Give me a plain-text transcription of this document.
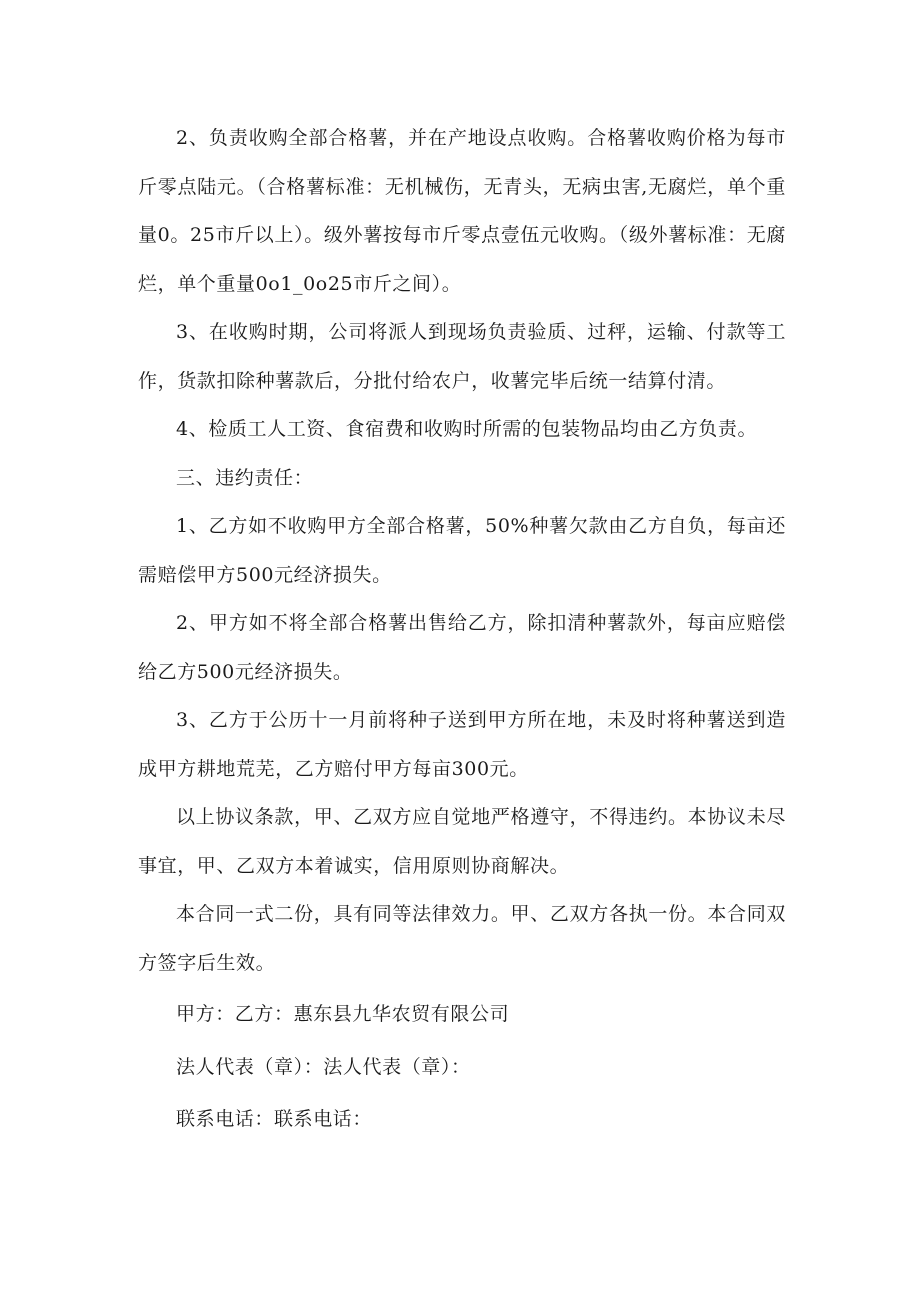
2、负责收购全部合格薯，并在产地设点收购。合格薯收购价格为每市斤零点陆元。（合格薯标准：无机械伤，无青头，无病虫害,无腐烂，单个重量0。25市斤以上）。级外薯按每市斤零点壹伍元收购。（级外薯标准：无腐烂，单个重量0o1_0o25市斤之间）。

3、在收购时期，公司将派人到现场负责验质、过秤，运输、付款等工作，货款扣除种薯款后，分批付给农户，收薯完毕后统一结算付清。

4、检质工人工资、食宿费和收购时所需的包装物品均由乙方负责。

三、违约责任：

1、乙方如不收购甲方全部合格薯，50%种薯欠款由乙方自负，每亩还需赔偿甲方500元经济损失。

2、甲方如不将全部合格薯出售给乙方，除扣清种薯款外，每亩应赔偿给乙方500元经济损失。

3、乙方于公历十一月前将种子送到甲方所在地，未及时将种薯送到造成甲方耕地荒芜，乙方赔付甲方每亩300元。

以上协议条款，甲、乙双方应自觉地严格遵守，不得违约。本协议未尽事宜，甲、乙双方本着诚实，信用原则协商解决。

本合同一式二份，具有同等法律效力。甲、乙双方各执一份。本合同双方签字后生效。

甲方：乙方：惠东县九华农贸有限公司

法人代表（章）：法人代表（章）：

联系电话：联系电话：
